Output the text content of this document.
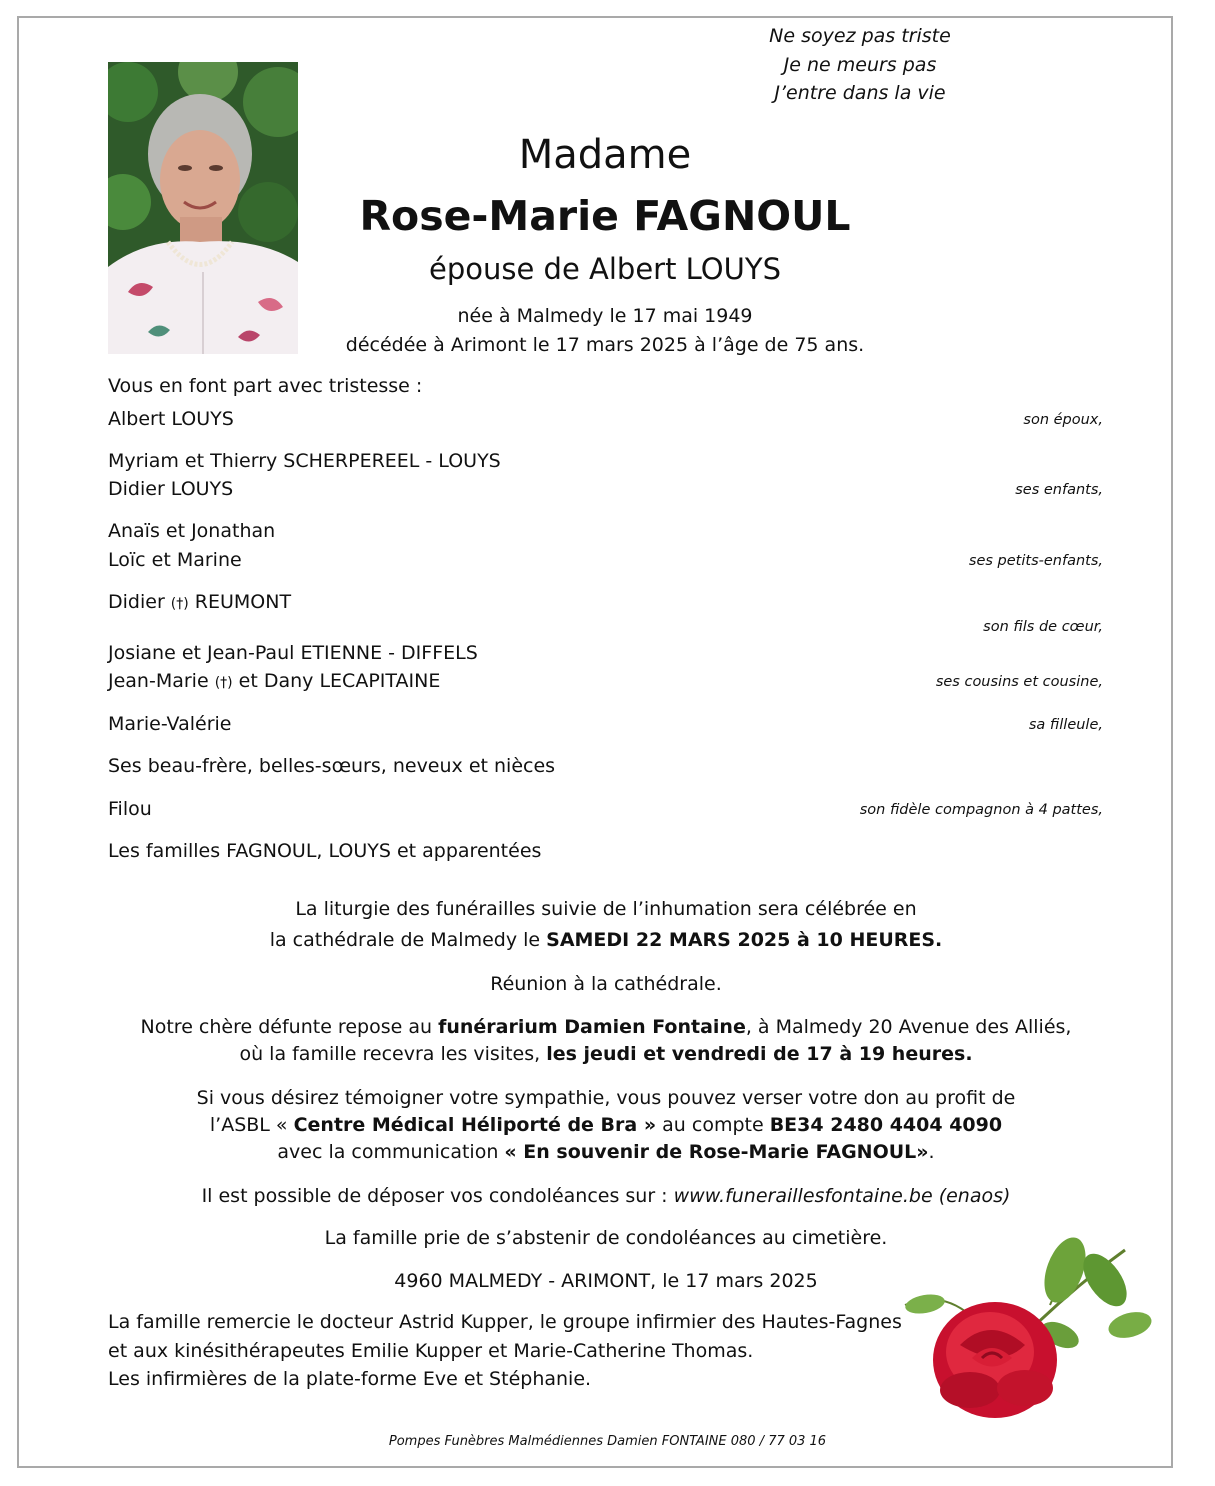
Ne soyez pas triste
Je ne meurs pas
J’entre dans la vie
Madame
Rose-Marie FAGNOUL
épouse de Albert LOUYS
née à Malmedy le 17 mai 1949
décédée à Arimont le 17 mars 2025 à l’âge de 75 ans.
Vous en font part avec tristesse :
Albert LOUYS	son époux,
Myriam et Thierry SCHERPEREEL - LOUYS
Didier LOUYS	ses enfants,
Anaïs et Jonathan
Loïc et Marine	ses petits-enfants,
Didier (†) REUMONT
son fils de cœur,
Josiane et Jean-Paul ETIENNE - DIFFELS
Jean-Marie (†) et Dany LECAPITAINE	ses cousins et cousine,
Marie-Valérie	sa filleule,
Ses beau-frère, belles-sœurs, neveux et nièces
Filou	son fidèle compagnon à 4 pattes,
Les familles FAGNOUL, LOUYS et apparentées
La liturgie des funérailles suivie de l’inhumation sera célébrée en
la cathédrale de Malmedy le SAMEDI 22 MARS 2025 à 10 HEURES.
Réunion à la cathédrale.
Notre chère défunte repose au funérarium Damien Fontaine, à Malmedy 20 Avenue des Alliés,
où la famille recevra les visites, les jeudi et vendredi de 17 à 19 heures.
Si vous désirez témoigner votre sympathie, vous pouvez verser votre don au profit de
l’ASBL « Centre Médical Héliporté de Bra » au compte BE34 2480 4404 4090
avec la communication « En souvenir de Rose-Marie FAGNOUL».
Il est possible de déposer vos condoléances sur : www.funeraillesfontaine.be (enaos)
La famille prie de s’abstenir de condoléances au cimetière.
4960 MALMEDY - ARIMONT, le 17 mars 2025
La famille remercie le docteur Astrid Kupper, le groupe infirmier des Hautes-Fagnes
et aux kinésithérapeutes Emilie Kupper et Marie-Catherine Thomas.
Les infirmières de la plate-forme Eve et Stéphanie.
Pompes Funèbres Malmédiennes Damien FONTAINE 080 / 77 03 16
